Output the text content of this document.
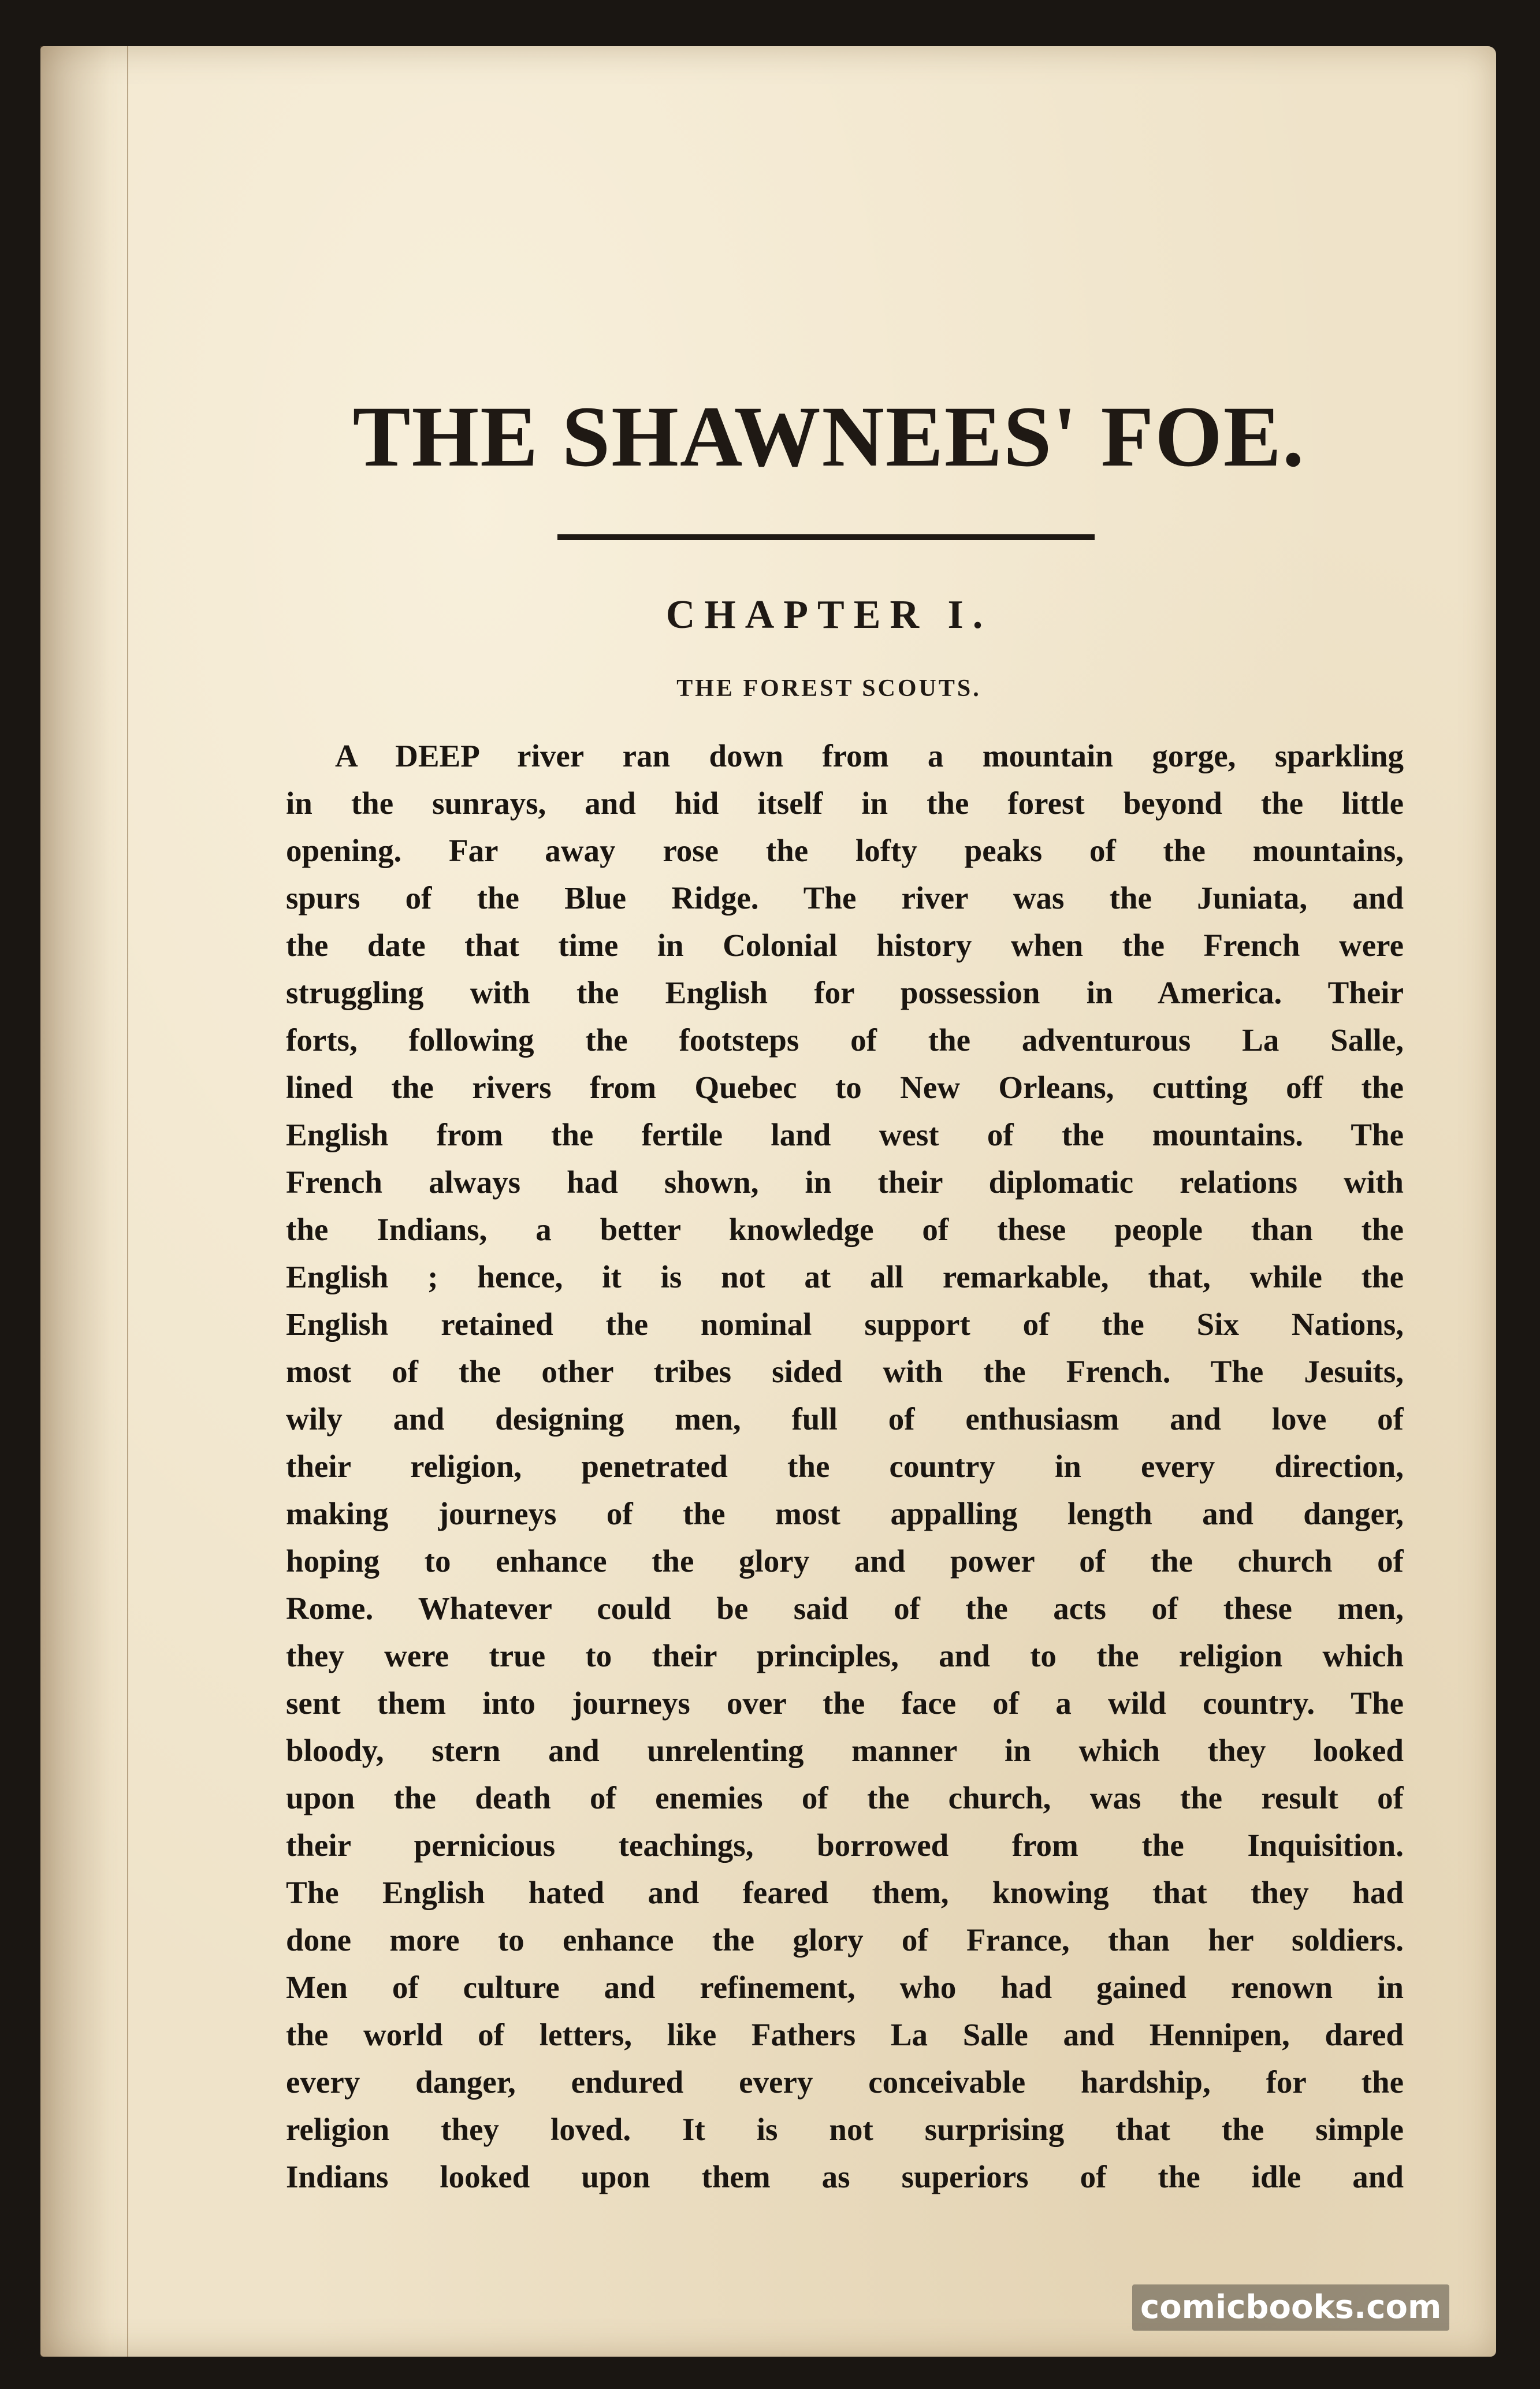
THE SHAWNEES' FOE.
CHAPTER I.
THE FOREST SCOUTS.
A DEEP river ran down from a mountain gorge, sparkling
in the sunrays, and hid itself in the forest beyond the little
opening. Far away rose the lofty peaks of the mountains,
spurs of the Blue Ridge. The river was the Juniata, and
the date that time in Colonial history when the French were
struggling with the English for possession in America. Their
forts, following the footsteps of the adventurous La Salle,
lined the rivers from Quebec to New Orleans, cutting off the
English from the fertile land west of the mountains. The
French always had shown, in their diplomatic relations with
the Indians, a better knowledge of these people than the
English ; hence, it is not at all remarkable, that, while the
English retained the nominal support of the Six Nations,
most of the other tribes sided with the French. The Jesuits,
wily and designing men, full of enthusiasm and love of
their religion, penetrated the country in every direction,
making journeys of the most appalling length and danger,
hoping to enhance the glory and power of the church of
Rome. Whatever could be said of the acts of these men,
they were true to their principles, and to the religion which
sent them into journeys over the face of a wild country. The
bloody, stern and unrelenting manner in which they looked
upon the death of enemies of the church, was the result of
their pernicious teachings, borrowed from the Inquisition.
The English hated and feared them, knowing that they had
done more to enhance the glory of France, than her soldiers.
Men of culture and refinement, who had gained renown in
the world of letters, like Fathers La Salle and Hennipen, dared
every danger, endured every conceivable hardship, for the
religion they loved. It is not surprising that the simple
Indians looked upon them as superiors of the idle and
comicbooks.com
